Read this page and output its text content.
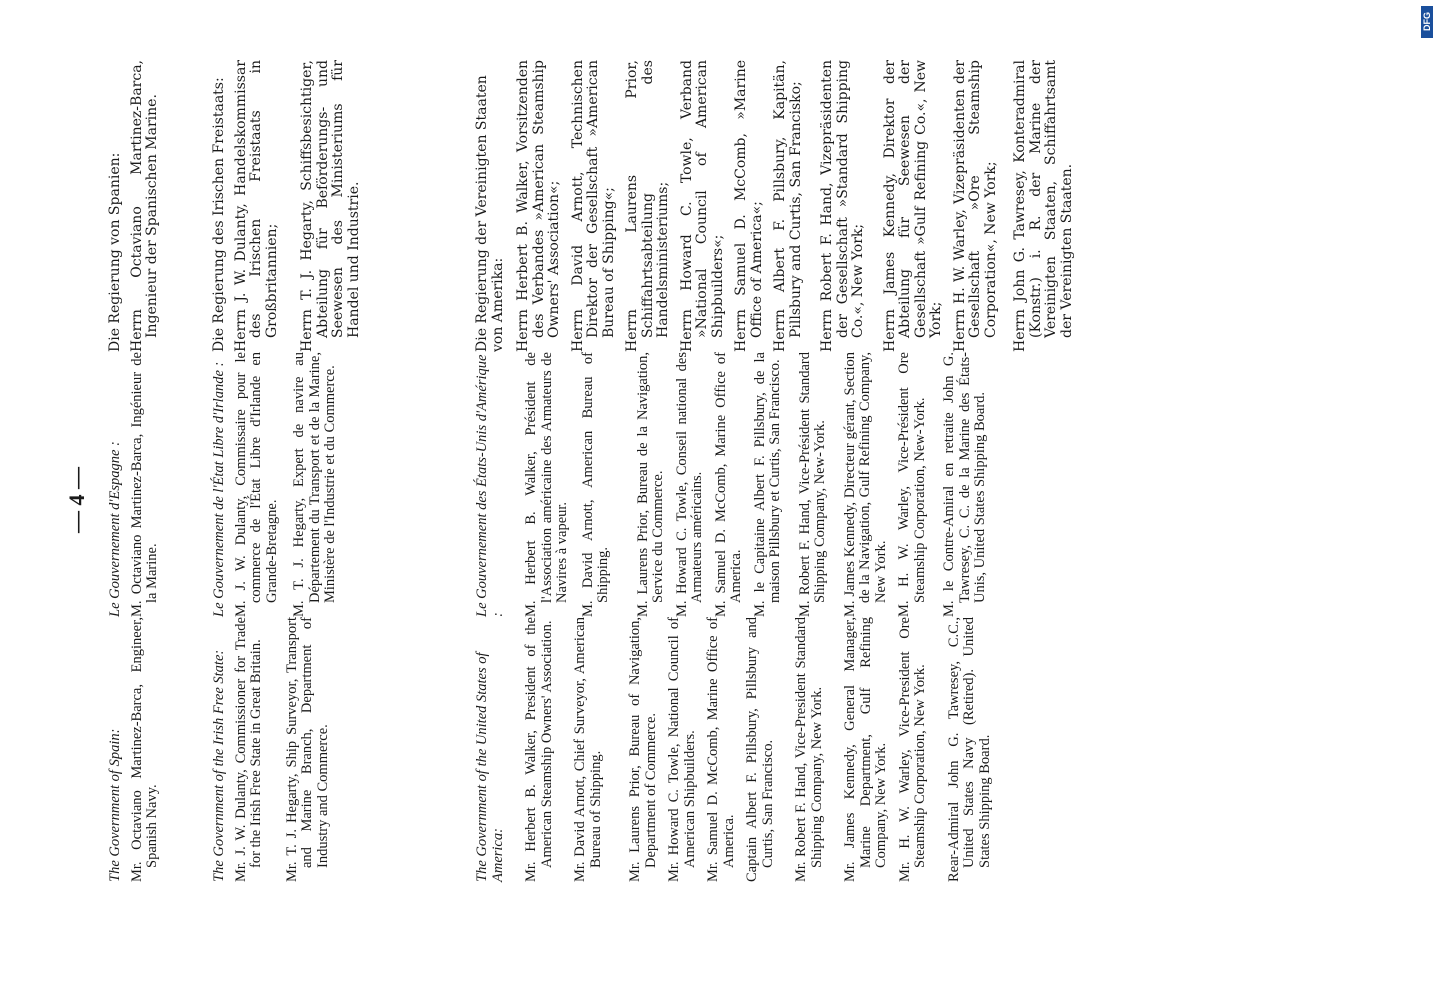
— 4 —

The Government of Spain: Mr. Octaviano Martinez-Barca, Engineer, Spanish Navy.	The Government of the Irish Free State: Mr. J. W. Dulanty, Commissioner for Trade for the Irish Free State in Great Britain. Mr. T. J. Hegarty, Ship Surveyor, Transport and Marine Branch, Department of Industry and Commerce.	The Government of the United States of America: Mr. Herbert B. Walker, President of the American Steamship Owners' Association. Mr. David Arnott, Chief Surveyor, American Bureau of Shipping. Mr. Laurens Prior, Bureau of Navigation, Department of Commerce. Mr. Howard C. Towle, National Council of American Shipbuilders. Mr. Samuel D. McComb, Marine Office of America. Captain Albert F. Pillsbury, Pillsbury and Curtis, San Francisco. Mr. Robert F. Hand, Vice-President Standard Shipping Company, New York. Mr. James Kennedy, General Manager, Marine Department, Gulf Refining Company, New York. Mr. H. W. Warley, Vice-President Ore Steamship Corporation, New York. Rear-Admiral John G. Tawresey, C.C., United States Navy (Retired). United States Shipping Board.

Le Gouvernement d'Espagne : M. Octaviano Martinez-Barca, Ingénieur de la Marine.	Le Gouvernement de l'État Libre d'Irlande : M. J. W. Dulanty, Commissaire pour le commerce de l'État Libre d'Irlande en Grande-Bretagne. M. T. J. Hegarty, Expert de navire au Département du Transport et de la Marine, Ministère de l'Industrie et du Commerce.	Le Gouvernement des États-Unis d'Amérique : M. Herbert B. Walker, Président de l'Association américaine des Armateurs de Navires à vapeur. M. David Arnott, American Bureau of Shipping. M. Laurens Prior, Bureau de la Navigation, Service du Commerce. M. Howard C. Towle, Conseil national des Armateurs américains. M. Samuel D. McComb, Marine Office of America. M. le Capitaine Albert F. Pillsbury, de la maison Pillsbury et Curtis, San Francisco. M. Robert F. Hand, Vice-Président Standard Shipping Company, New-York. M. James Kennedy, Directeur gérant, Section de la Navigation, Gulf Refining Company, New York. M. H. W. Warley, Vice-Président Ore Steamship Corporation, New-York. M. le Contre-Amiral en retraite John G. Tawresey, C. C. de la Marine des États-Unis, United States Shipping Board.

Die Regierung von Spanien: Herrn Octaviano Martinez-Barca, Ingenieur der Spanischen Marine.	Die Regierung des Irischen Freistaats: Herrn J. W. Dulanty, Handelskommissar des Irischen Freistaats in Großbritannien; Herrn T. J. Hegarty, Schiffsbesichtiger, Abteilung für Beförderungs- und Seewesen des Ministeriums für Handel und Industrie.	Die Regierung der Vereinigten Staaten von Amerika: Herrn Herbert B. Walker, Vorsitzenden des Verbandes »American Steamship Owners' Association«; Herrn David Arnott, Technischen Direktor der Gesellschaft »American Bureau of Shipping«; Herrn Laurens Prior, Schiffahrtsabteilung des Handelsministeriums; Herrn Howard C. Towle, Verband »National Council of American Shipbuilders«; Herrn Samuel D. McComb, »Marine Office of America«; Herrn Albert F. Pillsbury, Kapitän, Pillsbury and Curtis, San Francisko; Herrn Robert F. Hand, Vizepräsidenten der Gesellschaft »Standard Shipping Co.«, New York; Herrn James Kennedy, Direktor der Abteilung für Seewesen der Gesellschaft »Gulf Refining Co.«, New York; Herrn H. W. Warley, Vizepräsidenten der Gesellschaft »Ore Steamship Corporation«, New York; Herrn John G. Tawresey, Konteradmiral (Konstr.) i. R. der Marine der Vereinigten Staaten, Schiffahrtsamt der Vereinigten Staaten.

DFG
